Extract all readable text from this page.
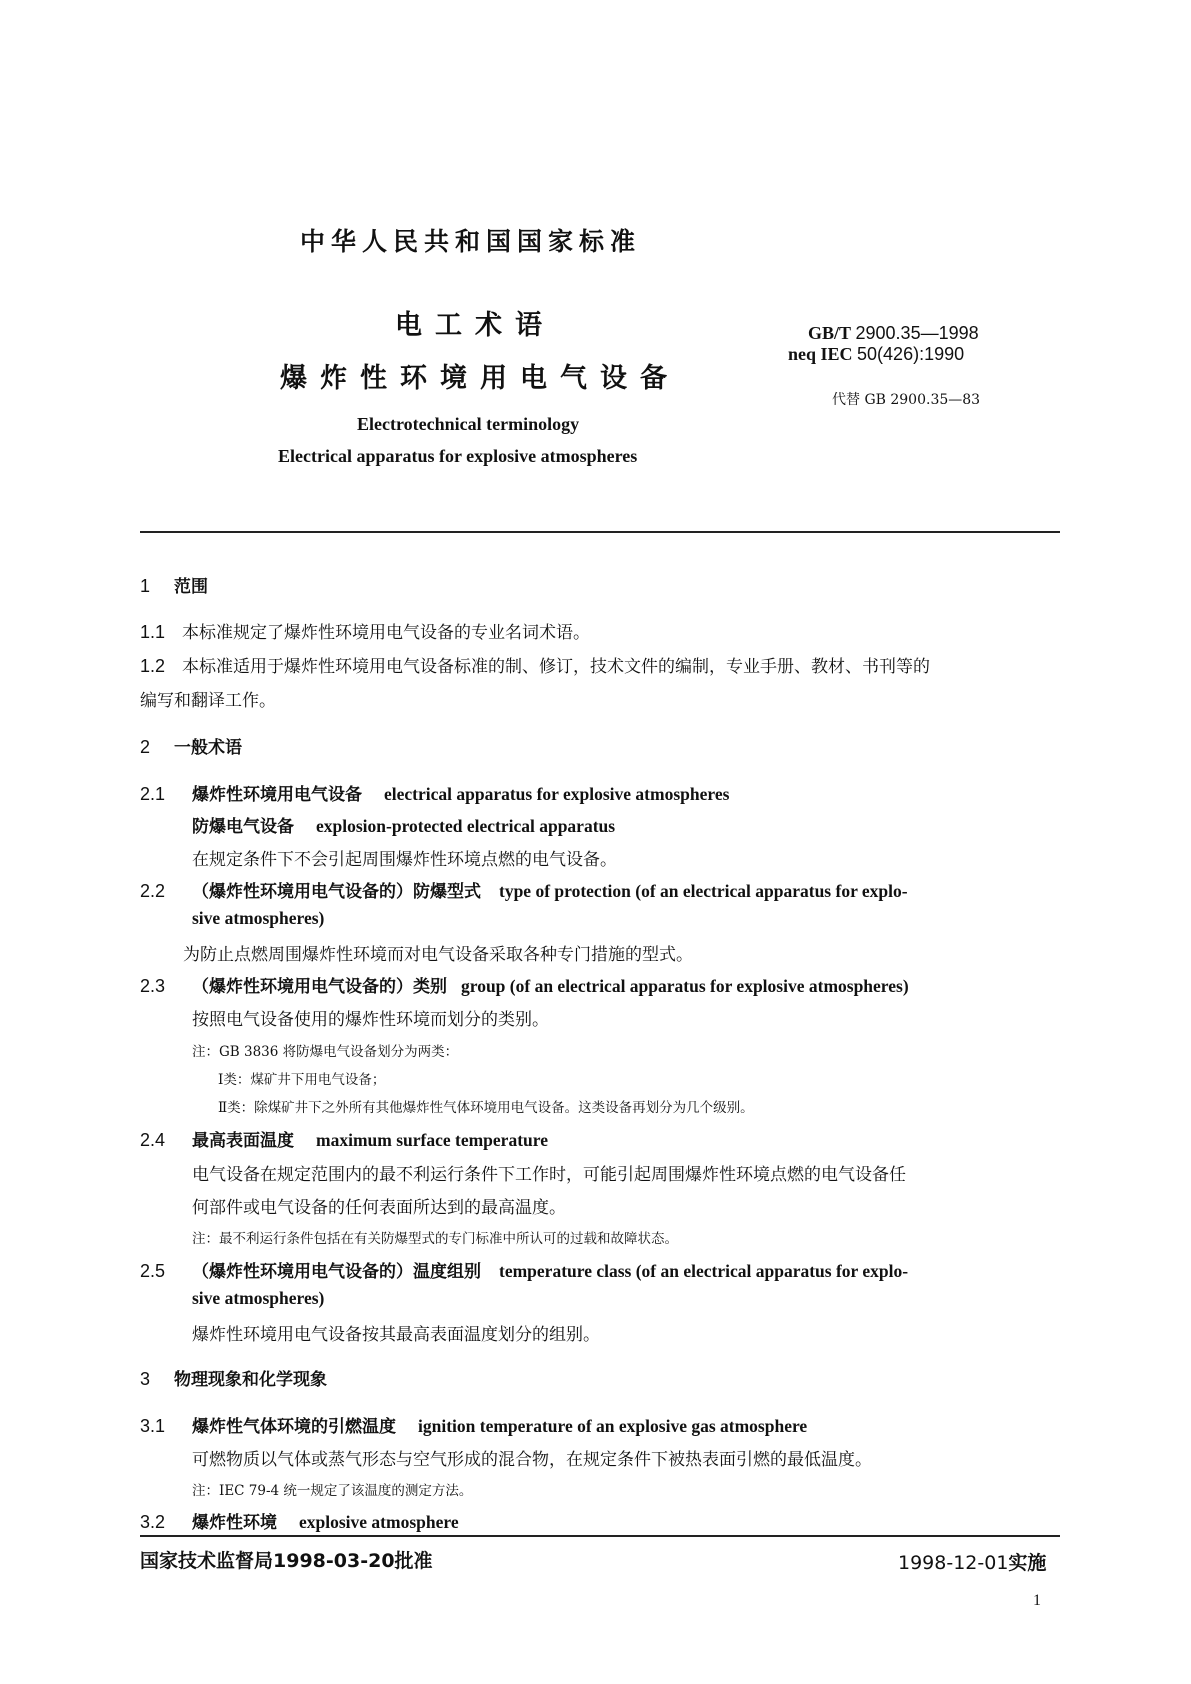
中华人民共和国国家标准
电工术语
爆炸性环境用电气设备
Electrotechnical terminology
Electrical apparatus for explosive atmospheres
GB/T 2900.35—1998
neq IEC 50(426):1990
代替 GB 2900.35—83
1 范围
1.1 本标准规定了爆炸性环境用电气设备的专业名词术语。
1.2 本标准适用于爆炸性环境用电气设备标准的制、修订，技术文件的编制，专业手册、教材、书刊等的
编写和翻译工作。
2 一般术语
2.1 爆炸性环境用电气设备 electrical apparatus for explosive atmospheres
防爆电气设备 explosion-protected electrical apparatus
在规定条件下不会引起周围爆炸性环境点燃的电气设备。
2.2 （爆炸性环境用电气设备的）防爆型式 type of protection (of an electrical apparatus for explo-
sive atmospheres)
为防止点燃周围爆炸性环境而对电气设备采取各种专门措施的型式。
2.3 （爆炸性环境用电气设备的）类别 group (of an electrical apparatus for explosive atmospheres)
按照电气设备使用的爆炸性环境而划分的类别。
注：GB 3836 将防爆电气设备划分为两类：
Ⅰ类：煤矿井下用电气设备；
Ⅱ类：除煤矿井下之外所有其他爆炸性气体环境用电气设备。这类设备再划分为几个级别。
2.4 最高表面温度 maximum surface temperature
电气设备在规定范围内的最不利运行条件下工作时，可能引起周围爆炸性环境点燃的电气设备任
何部件或电气设备的任何表面所达到的最高温度。
注：最不利运行条件包括在有关防爆型式的专门标准中所认可的过载和故障状态。
2.5 （爆炸性环境用电气设备的）温度组别 temperature class (of an electrical apparatus for explo-
sive atmospheres)
爆炸性环境用电气设备按其最高表面温度划分的组别。
3 物理现象和化学现象
3.1 爆炸性气体环境的引燃温度 ignition temperature of an explosive gas atmosphere
可燃物质以气体或蒸气形态与空气形成的混合物，在规定条件下被热表面引燃的最低温度。
注：IEC 79-4 统一规定了该温度的测定方法。
3.2 爆炸性环境 explosive atmosphere
国家技术监督局1998-03-20批准	1998-12-01实施
1
